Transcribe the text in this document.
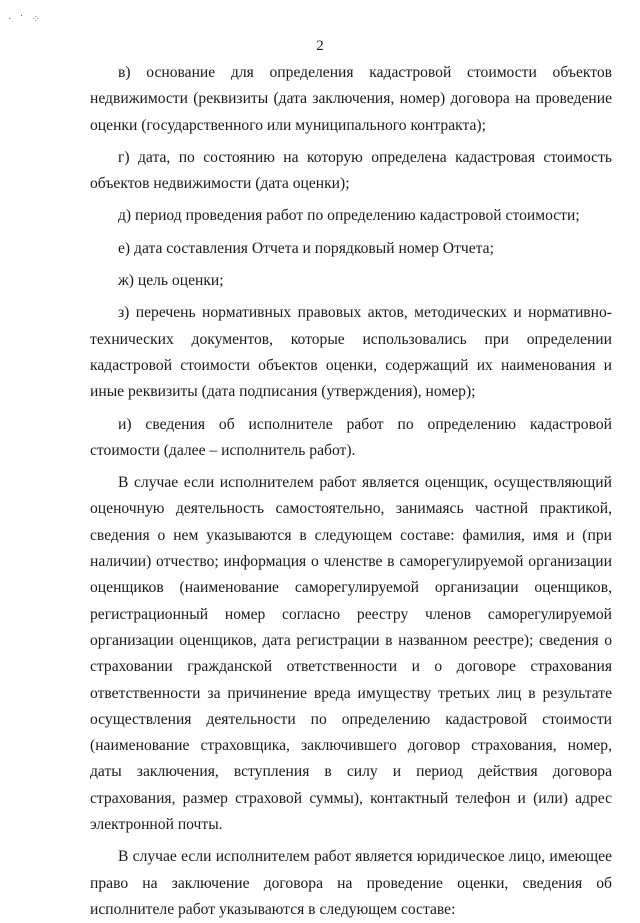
· ˙ ⁘
2

в) основание для определения кадастровой стоимости объектов недвижимости (реквизиты (дата заключения, номер) договора на проведение оценки (государственного или муниципального контракта);

г) дата, по состоянию на которую определена кадастровая стоимость объектов недвижимости (дата оценки);

д) период проведения работ по определению кадастровой стоимости;

е) дата составления Отчета и порядковый номер Отчета;

ж) цель оценки;

з) перечень нормативных правовых актов, методических и нормативно-технических документов, которые использовались при определении кадастровой стоимости объектов оценки, содержащий их наименования и иные реквизиты (дата подписания (утверждения), номер);

и) сведения об исполнителе работ по определению кадастровой стоимости (далее – исполнитель работ).

В случае если исполнителем работ является оценщик, осуществляющий оценочную деятельность самостоятельно, занимаясь частной практикой, сведения о нем указываются в следующем составе: фамилия, имя и (при наличии) отчество; информация о членстве в саморегулируемой организации оценщиков (наименование саморегулируемой организации оценщиков, регистрационный номер согласно реестру членов саморегулируемой организации оценщиков, дата регистрации в названном реестре); сведения о страховании гражданской ответственности и о договоре страхования ответственности за причинение вреда имуществу третьих лиц в результате осуществления деятельности по определению кадастровой стоимости (наименование страховщика, заключившего договор страхования, номер, даты заключения, вступления в силу и период действия договора страхования, размер страховой суммы), контактный телефон и (или) адрес электронной почты.

В случае если исполнителем работ является юридическое лицо, имеющее право на заключение договора на проведение оценки, сведения об исполнителе работ указываются в следующем составе:
